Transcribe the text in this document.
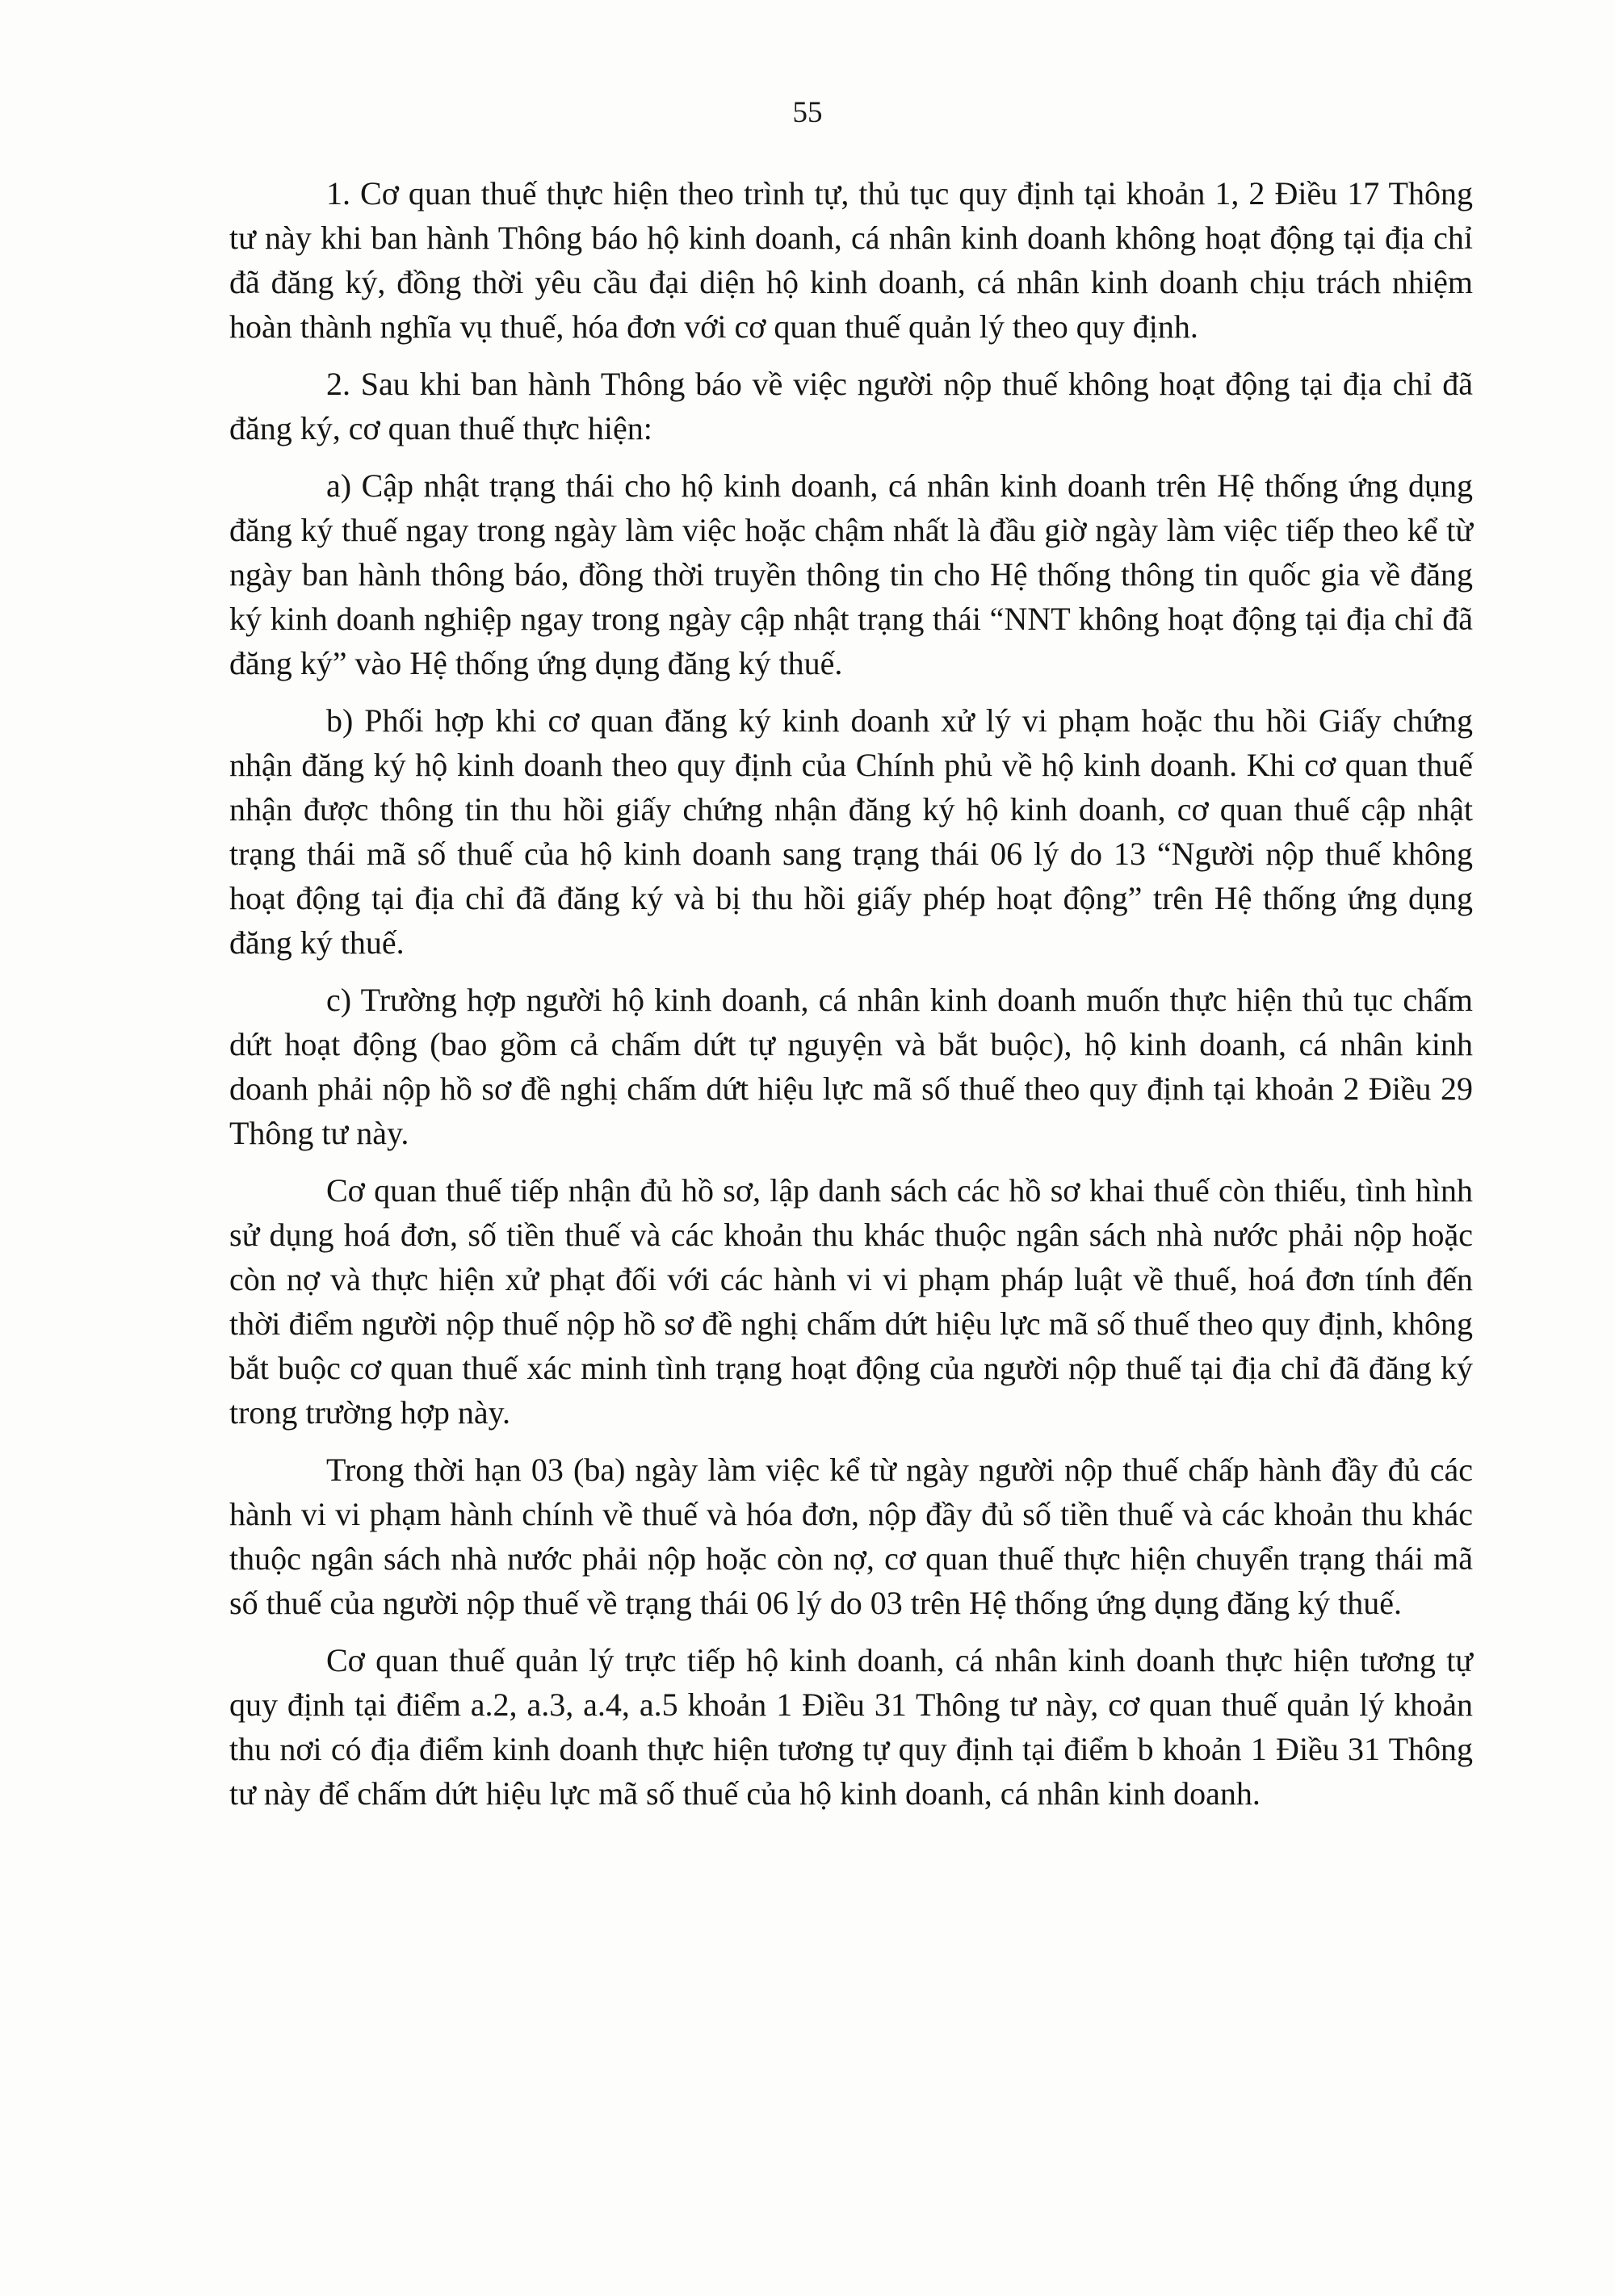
55

1. Cơ quan thuế thực hiện theo trình tự, thủ tục quy định tại khoản 1, 2 Điều 17 Thông tư này khi ban hành Thông báo hộ kinh doanh, cá nhân kinh doanh không hoạt động tại địa chỉ đã đăng ký, đồng thời yêu cầu đại diện hộ kinh doanh, cá nhân kinh doanh chịu trách nhiệm hoàn thành nghĩa vụ thuế, hóa đơn với cơ quan thuế quản lý theo quy định.

2. Sau khi ban hành Thông báo về việc người nộp thuế không hoạt động tại địa chỉ đã đăng ký, cơ quan thuế thực hiện:

a) Cập nhật trạng thái cho hộ kinh doanh, cá nhân kinh doanh trên Hệ thống ứng dụng đăng ký thuế ngay trong ngày làm việc hoặc chậm nhất là đầu giờ ngày làm việc tiếp theo kể từ ngày ban hành thông báo, đồng thời truyền thông tin cho Hệ thống thông tin quốc gia về đăng ký kinh doanh nghiệp ngay trong ngày cập nhật trạng thái “NNT không hoạt động tại địa chỉ đã đăng ký” vào Hệ thống ứng dụng đăng ký thuế.

b) Phối hợp khi cơ quan đăng ký kinh doanh xử lý vi phạm hoặc thu hồi Giấy chứng nhận đăng ký hộ kinh doanh theo quy định của Chính phủ về hộ kinh doanh. Khi cơ quan thuế nhận được thông tin thu hồi giấy chứng nhận đăng ký hộ kinh doanh, cơ quan thuế cập nhật trạng thái mã số thuế của hộ kinh doanh sang trạng thái 06 lý do 13 “Người nộp thuế không hoạt động tại địa chỉ đã đăng ký và bị thu hồi giấy phép hoạt động” trên Hệ thống ứng dụng đăng ký thuế.

c) Trường hợp người hộ kinh doanh, cá nhân kinh doanh muốn thực hiện thủ tục chấm dứt hoạt động (bao gồm cả chấm dứt tự nguyện và bắt buộc), hộ kinh doanh, cá nhân kinh doanh phải nộp hồ sơ đề nghị chấm dứt hiệu lực mã số thuế theo quy định tại khoản 2 Điều 29 Thông tư này.

Cơ quan thuế tiếp nhận đủ hồ sơ, lập danh sách các hồ sơ khai thuế còn thiếu, tình hình sử dụng hoá đơn, số tiền thuế và các khoản thu khác thuộc ngân sách nhà nước phải nộp hoặc còn nợ và thực hiện xử phạt đối với các hành vi vi phạm pháp luật về thuế, hoá đơn tính đến thời điểm người nộp thuế nộp hồ sơ đề nghị chấm dứt hiệu lực mã số thuế theo quy định, không bắt buộc cơ quan thuế xác minh tình trạng hoạt động của người nộp thuế tại địa chỉ đã đăng ký trong trường hợp này.

Trong thời hạn 03 (ba) ngày làm việc kể từ ngày người nộp thuế chấp hành đầy đủ các hành vi vi phạm hành chính về thuế và hóa đơn, nộp đầy đủ số tiền thuế và các khoản thu khác thuộc ngân sách nhà nước phải nộp hoặc còn nợ, cơ quan thuế thực hiện chuyển trạng thái mã số thuế của người nộp thuế về trạng thái 06 lý do 03 trên Hệ thống ứng dụng đăng ký thuế.

Cơ quan thuế quản lý trực tiếp hộ kinh doanh, cá nhân kinh doanh thực hiện tương tự quy định tại điểm a.2, a.3, a.4, a.5 khoản 1 Điều 31 Thông tư này, cơ quan thuế quản lý khoản thu nơi có địa điểm kinh doanh thực hiện tương tự quy định tại điểm b khoản 1 Điều 31 Thông tư này để chấm dứt hiệu lực mã số thuế của hộ kinh doanh, cá nhân kinh doanh.
